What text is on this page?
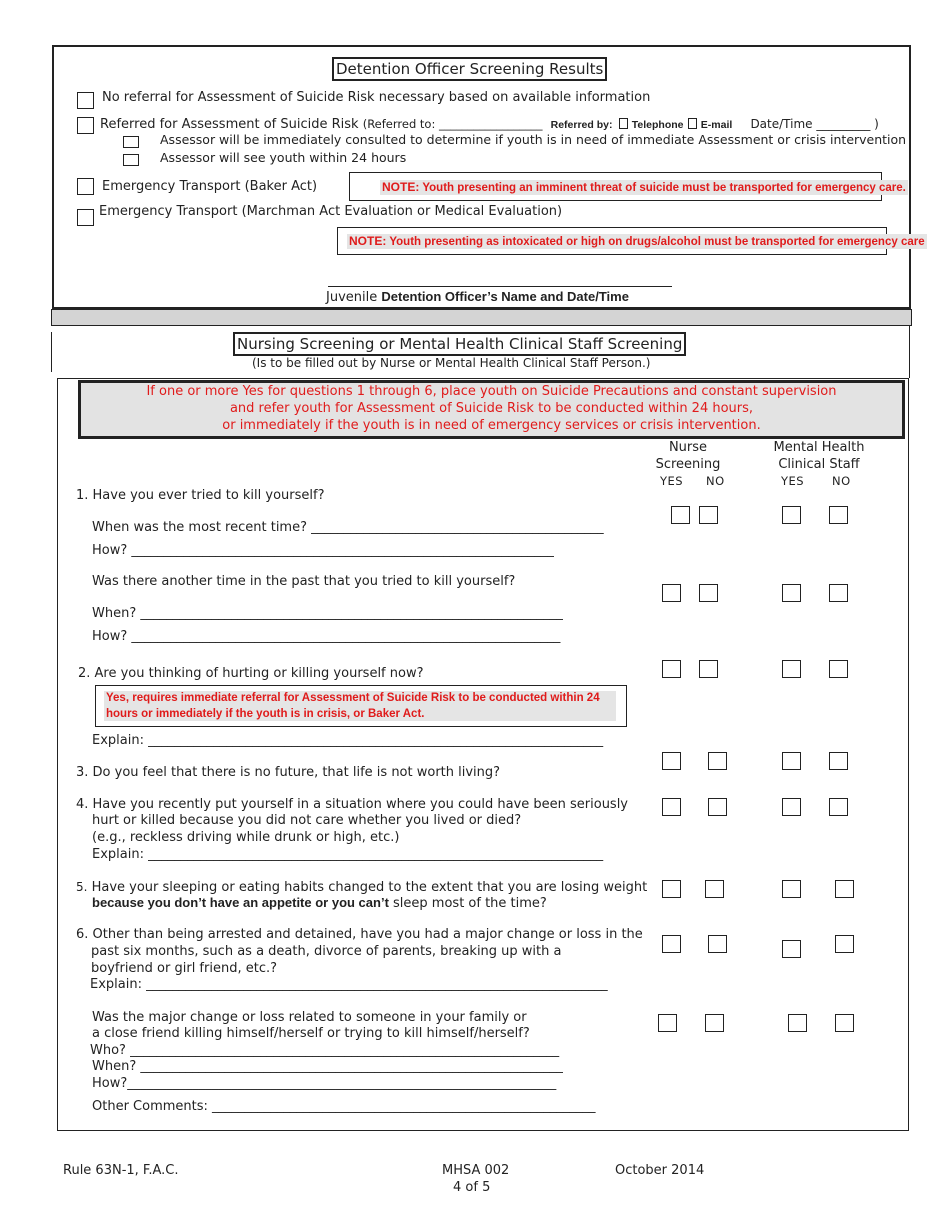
Detention Officer Screening Results
No referral for Assessment of Suicide Risk necessary based on available information
Referred for Assessment of Suicide Risk (Referred to: __________________ Referred by: Telephone E-mail Date/Time _________ )
Assessor will be immediately consulted to determine if youth is in need of immediate Assessment or crisis intervention
Assessor will see youth within 24 hours
Emergency Transport (Baker Act)	NOTE: Youth presenting an imminent threat of suicide must be transported for emergency care.
Emergency Transport (Marchman Act Evaluation or Medical Evaluation)
NOTE: Youth presenting as intoxicated or high on drugs/alcohol must be transported for emergency care
Juvenile Detention Officer’s Name and Date/Time
Nursing Screening or Mental Health Clinical Staff Screening
(Is to be filled out by Nurse or Mental Health Clinical Staff Person.)
If one or more Yes for questions 1 through 6, place youth on Suicide Precautions and constant supervision
and refer youth for Assessment of Suicide Risk to be conducted within 24 hours,
or immediately if the youth is in need of emergency services or crisis intervention.
Nurse
Screening
Mental Health
Clinical Staff
YES NO	YES NO
1. Have you ever tried to kill yourself?
When was the most recent time? _____________________________________________
How? _________________________________________________________________
Was there another time in the past that you tried to kill yourself?
When? _________________________________________________________________
How? __________________________________________________________________
2. Are you thinking of hurting or killing yourself now?
Yes, requires immediate referral for Assessment of Suicide Risk to be conducted within 24
hours or immediately if the youth is in crisis, or Baker Act.
Explain: ______________________________________________________________________
3. Do you feel that there is no future, that life is not worth living?
4. Have you recently put yourself in a situation where you could have been seriously
hurt or killed because you did not care whether you lived or died?
(e.g., reckless driving while drunk or high, etc.)
Explain: ______________________________________________________________________
5. Have your sleeping or eating habits changed to the extent that you are losing weight
because you don’t have an appetite or you can’t sleep most of the time?
6. Other than being arrested and detained, have you had a major change or loss in the
past six months, such as a death, divorce of parents, breaking up with a
boyfriend or girl friend, etc.?
Explain: _______________________________________________________________________
Was the major change or loss related to someone in your family or
a close friend killing himself/herself or trying to kill himself/herself?
Who? __________________________________________________________________
When? _________________________________________________________________
How?__________________________________________________________________
Other Comments: ___________________________________________________________
Rule 63N-1, F.A.C.	MHSA 002
4 of 5
October 2014
